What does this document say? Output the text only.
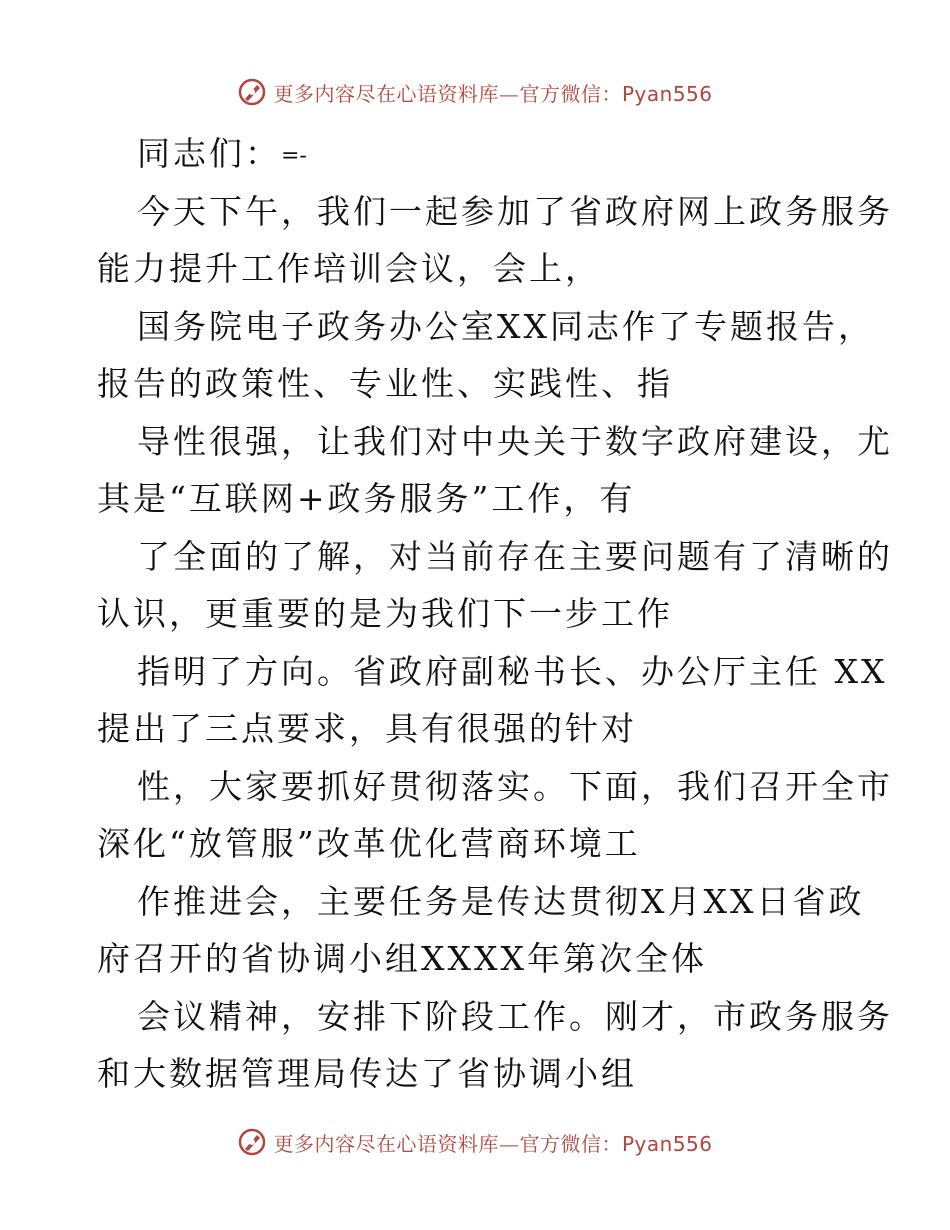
更多内容尽在心语资料库—官方微信：Pyan556
同志们：=-
今天下午，我们一起参加了省政府网上政务服务
能力提升工作培训会议，会上，
国务院电子政务办公室XX同志作了专题报告，
报告的政策性、专业性、实践性、指
导性很强，让我们对中央关于数字政府建设，尤
其是“互联网+政务服务”工作，有
了全面的了解，对当前存在主要问题有了清晰的
认识，更重要的是为我们下一步工作
指明了方向。省政府副秘书长、办公厅主任 XX
提出了三点要求，具有很强的针对
性，大家要抓好贯彻落实。下面，我们召开全市
深化“放管服”改革优化营商环境工
作推进会，主要任务是传达贯彻X月XX日省政
府召开的省协调小组XXXX年第次全体
会议精神，安排下阶段工作。刚才，市政务服务
和大数据管理局传达了省协调小组
更多内容尽在心语资料库—官方微信：Pyan556
